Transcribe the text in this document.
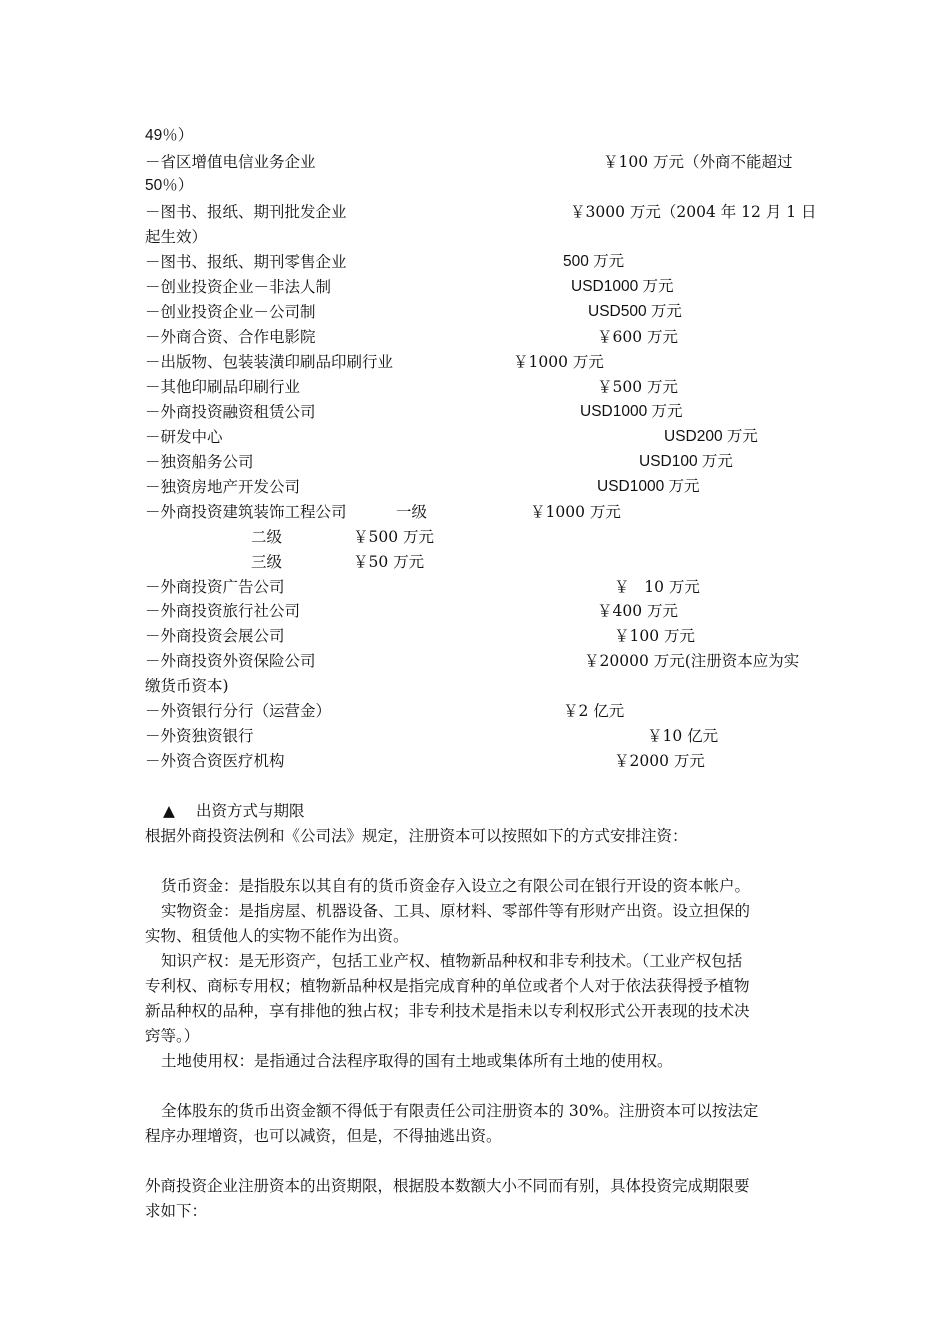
49％）
－省区增值电信业务企业	￥100 万元（外商不能超过
50％）
－图书、报纸、期刊批发企业	￥3000 万元（2004 年 12 月 1 日
起生效）
－图书、报纸、期刊零售企业	500 万元
－创业投资企业－非法人制	USD1000 万元
－创业投资企业－公司制	USD500 万元
－外商合资、合作电影院	￥600 万元
－出版物、包装装潢印刷品印刷行业	￥1000 万元
－其他印刷品印刷行业	￥500 万元
－外商投资融资租赁公司	USD1000 万元
－研发中心	USD200 万元
－独资船务公司	USD100 万元
－独资房地产开发公司	USD1000 万元
－外商投资建筑装饰工程公司	一级	￥1000 万元
二级	￥500 万元
三级	￥50 万元
－外商投资广告公司	￥   10 万元
－外商投资旅行社公司	￥400 万元
－外商投资会展公司	￥100 万元
－外商投资外资保险公司	￥20000 万元(注册资本应为实
缴货币资本)
－外资银行分行（运营金）	￥2 亿元
－外资独资银行	￥10 亿元
－外资合资医疗机构	￥2000 万元
▲ 出资方式与期限
根据外商投资法例和《公司法》规定，注册资本可以按照如下的方式安排注资：
货币资金：是指股东以其自有的货币资金存入设立之有限公司在银行开设的资本帐户。
实物资金：是指房屋、机器设备、工具、原材料、零部件等有形财产出资。设立担保的
实物、租赁他人的实物不能作为出资。
知识产权：是无形资产，包括工业产权、植物新品种权和非专利技术。（工业产权包括
专利权、商标专用权；植物新品种权是指完成育种的单位或者个人对于依法获得授予植物
新品种权的品种，享有排他的独占权；非专利技术是指未以专利权形式公开表现的技术决
窍等。）
土地使用权：是指通过合法程序取得的国有土地或集体所有土地的使用权。
全体股东的货币出资金额不得低于有限责任公司注册资本的 30%。注册资本可以按法定
程序办理增资，也可以减资，但是，不得抽逃出资。
外商投资企业注册资本的出资期限，根据股本数额大小不同而有别，具体投资完成期限要
求如下：
